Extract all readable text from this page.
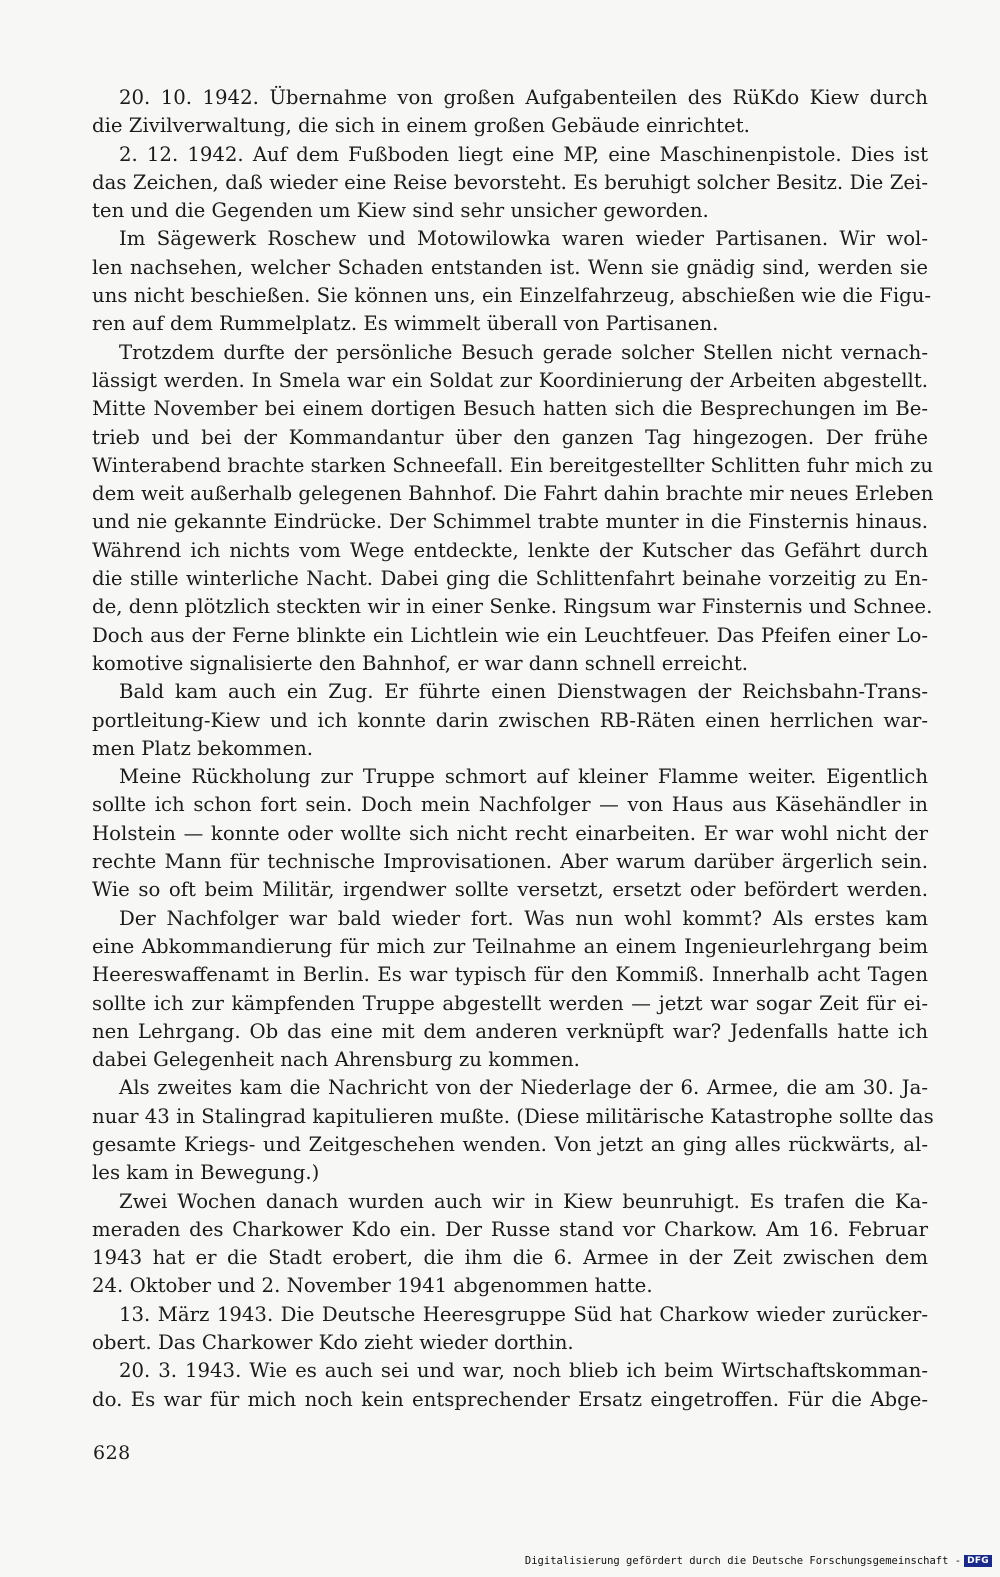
20. 10. 1942. Übernahme von großen Aufgabenteilen des RüKdo Kiew durch
die Zivilverwaltung, die sich in einem großen Gebäude einrichtet.

2. 12. 1942. Auf dem Fußboden liegt eine MP, eine Maschinenpistole. Dies ist
das Zeichen, daß wieder eine Reise bevorsteht. Es beruhigt solcher Besitz. Die Zei-
ten und die Gegenden um Kiew sind sehr unsicher geworden.

Im Sägewerk Roschew und Motowilowka waren wieder Partisanen. Wir wol-
len nachsehen, welcher Schaden entstanden ist. Wenn sie gnädig sind, werden sie
uns nicht beschießen. Sie können uns, ein Einzelfahrzeug, abschießen wie die Figu-
ren auf dem Rummelplatz. Es wimmelt überall von Partisanen.

Trotzdem durfte der persönliche Besuch gerade solcher Stellen nicht vernach-
lässigt werden. In Smela war ein Soldat zur Koordinierung der Arbeiten abgestellt.
Mitte November bei einem dortigen Besuch hatten sich die Besprechungen im Be-
trieb und bei der Kommandantur über den ganzen Tag hingezogen. Der frühe
Winterabend brachte starken Schneefall. Ein bereitgestellter Schlitten fuhr mich zu
dem weit außerhalb gelegenen Bahnhof. Die Fahrt dahin brachte mir neues Erleben
und nie gekannte Eindrücke. Der Schimmel trabte munter in die Finsternis hinaus.
Während ich nichts vom Wege entdeckte, lenkte der Kutscher das Gefährt durch
die stille winterliche Nacht. Dabei ging die Schlittenfahrt beinahe vorzeitig zu En-
de, denn plötzlich steckten wir in einer Senke. Ringsum war Finsternis und Schnee.
Doch aus der Ferne blinkte ein Lichtlein wie ein Leuchtfeuer. Das Pfeifen einer Lo-
komotive signalisierte den Bahnhof, er war dann schnell erreicht.

Bald kam auch ein Zug. Er führte einen Dienstwagen der Reichsbahn-Trans-
portleitung-Kiew und ich konnte darin zwischen RB-Räten einen herrlichen war-
men Platz bekommen.

Meine Rückholung zur Truppe schmort auf kleiner Flamme weiter. Eigentlich
sollte ich schon fort sein. Doch mein Nachfolger — von Haus aus Käsehändler in
Holstein — konnte oder wollte sich nicht recht einarbeiten. Er war wohl nicht der
rechte Mann für technische Improvisationen. Aber warum darüber ärgerlich sein.
Wie so oft beim Militär, irgendwer sollte versetzt, ersetzt oder befördert werden.

Der Nachfolger war bald wieder fort. Was nun wohl kommt? Als erstes kam
eine Abkommandierung für mich zur Teilnahme an einem Ingenieurlehrgang beim
Heereswaffenamt in Berlin. Es war typisch für den Kommiß. Innerhalb acht Tagen
sollte ich zur kämpfenden Truppe abgestellt werden — jetzt war sogar Zeit für ei-
nen Lehrgang. Ob das eine mit dem anderen verknüpft war? Jedenfalls hatte ich
dabei Gelegenheit nach Ahrensburg zu kommen.

Als zweites kam die Nachricht von der Niederlage der 6. Armee, die am 30. Ja-
nuar 43 in Stalingrad kapitulieren mußte. (Diese militärische Katastrophe sollte das
gesamte Kriegs- und Zeitgeschehen wenden. Von jetzt an ging alles rückwärts, al-
les kam in Bewegung.)

Zwei Wochen danach wurden auch wir in Kiew beunruhigt. Es trafen die Ka-
meraden des Charkower Kdo ein. Der Russe stand vor Charkow. Am 16. Februar
1943 hat er die Stadt erobert, die ihm die 6. Armee in der Zeit zwischen dem
24. Oktober und 2. November 1941 abgenommen hatte.

13. März 1943. Die Deutsche Heeresgruppe Süd hat Charkow wieder zurücker-
obert. Das Charkower Kdo zieht wieder dorthin.

20. 3. 1943. Wie es auch sei und war, noch blieb ich beim Wirtschaftskomman-
do. Es war für mich noch kein entsprechender Ersatz eingetroffen. Für die Abge-

628
Digitalisierung gefördert durch die Deutsche Forschungsgemeinschaft - DFG
